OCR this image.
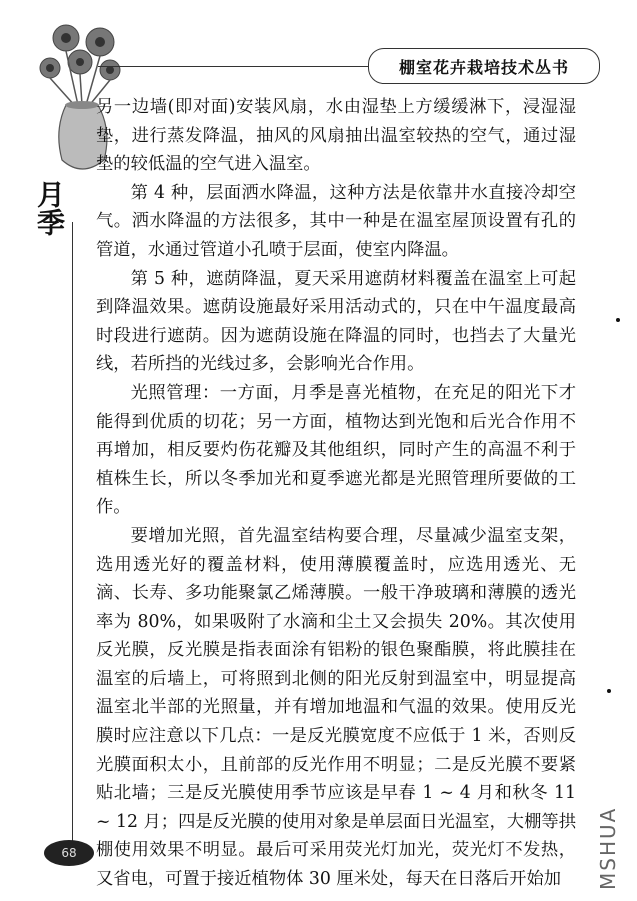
棚室花卉栽培技术丛书
月季

另一边墙(即对面)安装风扇，水由湿垫上方缓缓淋下，浸湿湿垫，进行蒸发降温，抽风的风扇抽出温室较热的空气，通过湿垫的较低温的空气进入温室。

第 4 种，层面洒水降温，这种方法是依靠井水直接冷却空气。洒水降温的方法很多，其中一种是在温室屋顶设置有孔的管道，水通过管道小孔喷于层面，使室内降温。

第 5 种，遮荫降温，夏天采用遮荫材料覆盖在温室上可起到降温效果。遮荫设施最好采用活动式的，只在中午温度最高时段进行遮荫。因为遮荫设施在降温的同时，也挡去了大量光线，若所挡的光线过多，会影响光合作用。

光照管理：一方面，月季是喜光植物，在充足的阳光下才能得到优质的切花；另一方面，植物达到光饱和后光合作用不再增加，相反要灼伤花瓣及其他组织，同时产生的高温不利于植株生长，所以冬季加光和夏季遮光都是光照管理所要做的工作。

要增加光照，首先温室结构要合理，尽量减少温室支架，选用透光好的覆盖材料，使用薄膜覆盖时，应选用透光、无滴、长寿、多功能聚氯乙烯薄膜。一般干净玻璃和薄膜的透光率为 80%，如果吸附了水滴和尘土又会损失 20%。其次使用反光膜，反光膜是指表面涂有铝粉的银色聚酯膜，将此膜挂在温室的后墙上，可将照到北侧的阳光反射到温室中，明显提高温室北半部的光照量，并有增加地温和气温的效果。使用反光膜时应注意以下几点：一是反光膜宽度不应低于 1 米，否则反光膜面积太小，且前部的反光作用不明显；二是反光膜不要紧贴北墙；三是反光膜使用季节应该是早春 1 ~ 4 月和秋冬 11 ~ 12 月；四是反光膜的使用对象是单层面日光温室，大棚等拱棚使用效果不明显。最后可采用荧光灯加光，荧光灯不发热，又省电，可置于接近植物体 30 厘米处，每天在日落后开始加

68	MSHUA
